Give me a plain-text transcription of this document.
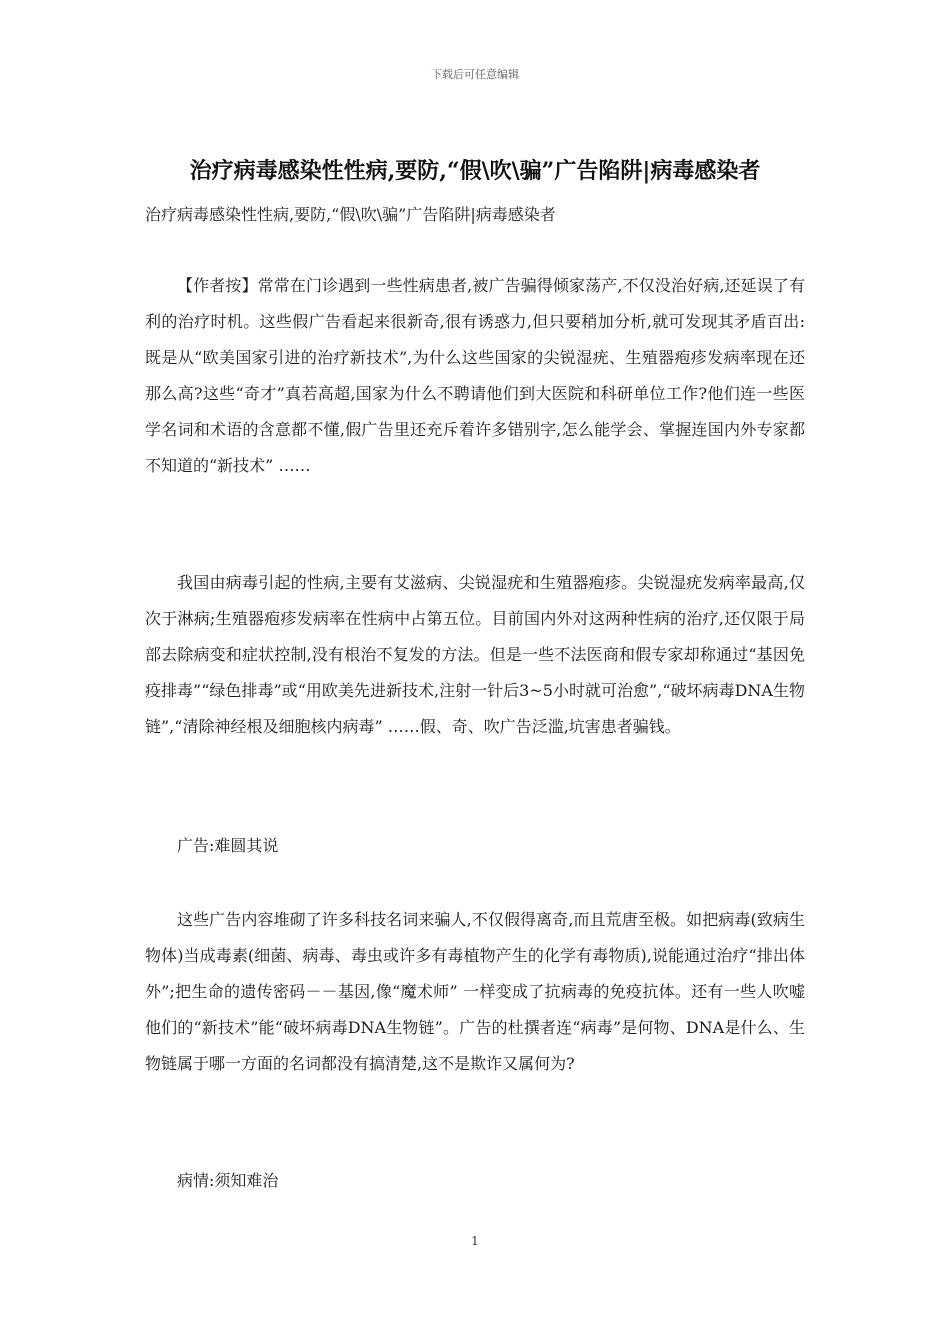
下载后可任意编辑
治疗病毒感染性性病,要防,“假\吹\骗”广告陷阱|病毒感染者
治疗病毒感染性性病,要防,“假\吹\骗”广告陷阱|病毒感染者

【作者按】常常在门诊遇到一些性病患者,被广告骗得倾家荡产,不仅没治好病,还延误了有利的治疗时机。这些假广告看起来很新奇,很有诱惑力,但只要稍加分析,就可发现其矛盾百出:既是从“欧美国家引进的治疗新技术”,为什么这些国家的尖锐湿疣、生殖器疱疹发病率现在还那么高?这些“奇才”真若高超,国家为什么不聘请他们到大医院和科研单位工作?他们连一些医学名词和术语的含意都不懂,假广告里还充斥着许多错别字,怎么能学会、掌握连国内外专家都不知道的“新技术” ……

我国由病毒引起的性病,主要有艾滋病、尖锐湿疣和生殖器疱疹。尖锐湿疣发病率最高,仅次于淋病;生殖器疱疹发病率在性病中占第五位。目前国内外对这两种性病的治疗,还仅限于局部去除病变和症状控制,没有根治不复发的方法。但是一些不法医商和假专家却称通过“基因免疫排毒”“绿色排毒”或“用欧美先进新技术,注射一针后3~5小时就可治愈”,“破坏病毒DNA生物链”,“清除神经根及细胞核内病毒” ……假、奇、吹广告泛滥,坑害患者骗钱。

广告:难圆其说

这些广告内容堆砌了许多科技名词来骗人,不仅假得离奇,而且荒唐至极。如把病毒(致病生物体)当成毒素(细菌、病毒、毒虫或许多有毒植物产生的化学有毒物质),说能通过治疗“排出体外”;把生命的遗传密码－－基因,像“魔术师” 一样变成了抗病毒的免疫抗体。还有一些人吹嘘他们的“新技术”能“破坏病毒DNA生物链”。广告的杜撰者连“病毒”是何物、DNA是什么、生物链属于哪一方面的名词都没有搞清楚,这不是欺诈又属何为?

病情:须知难治

1
